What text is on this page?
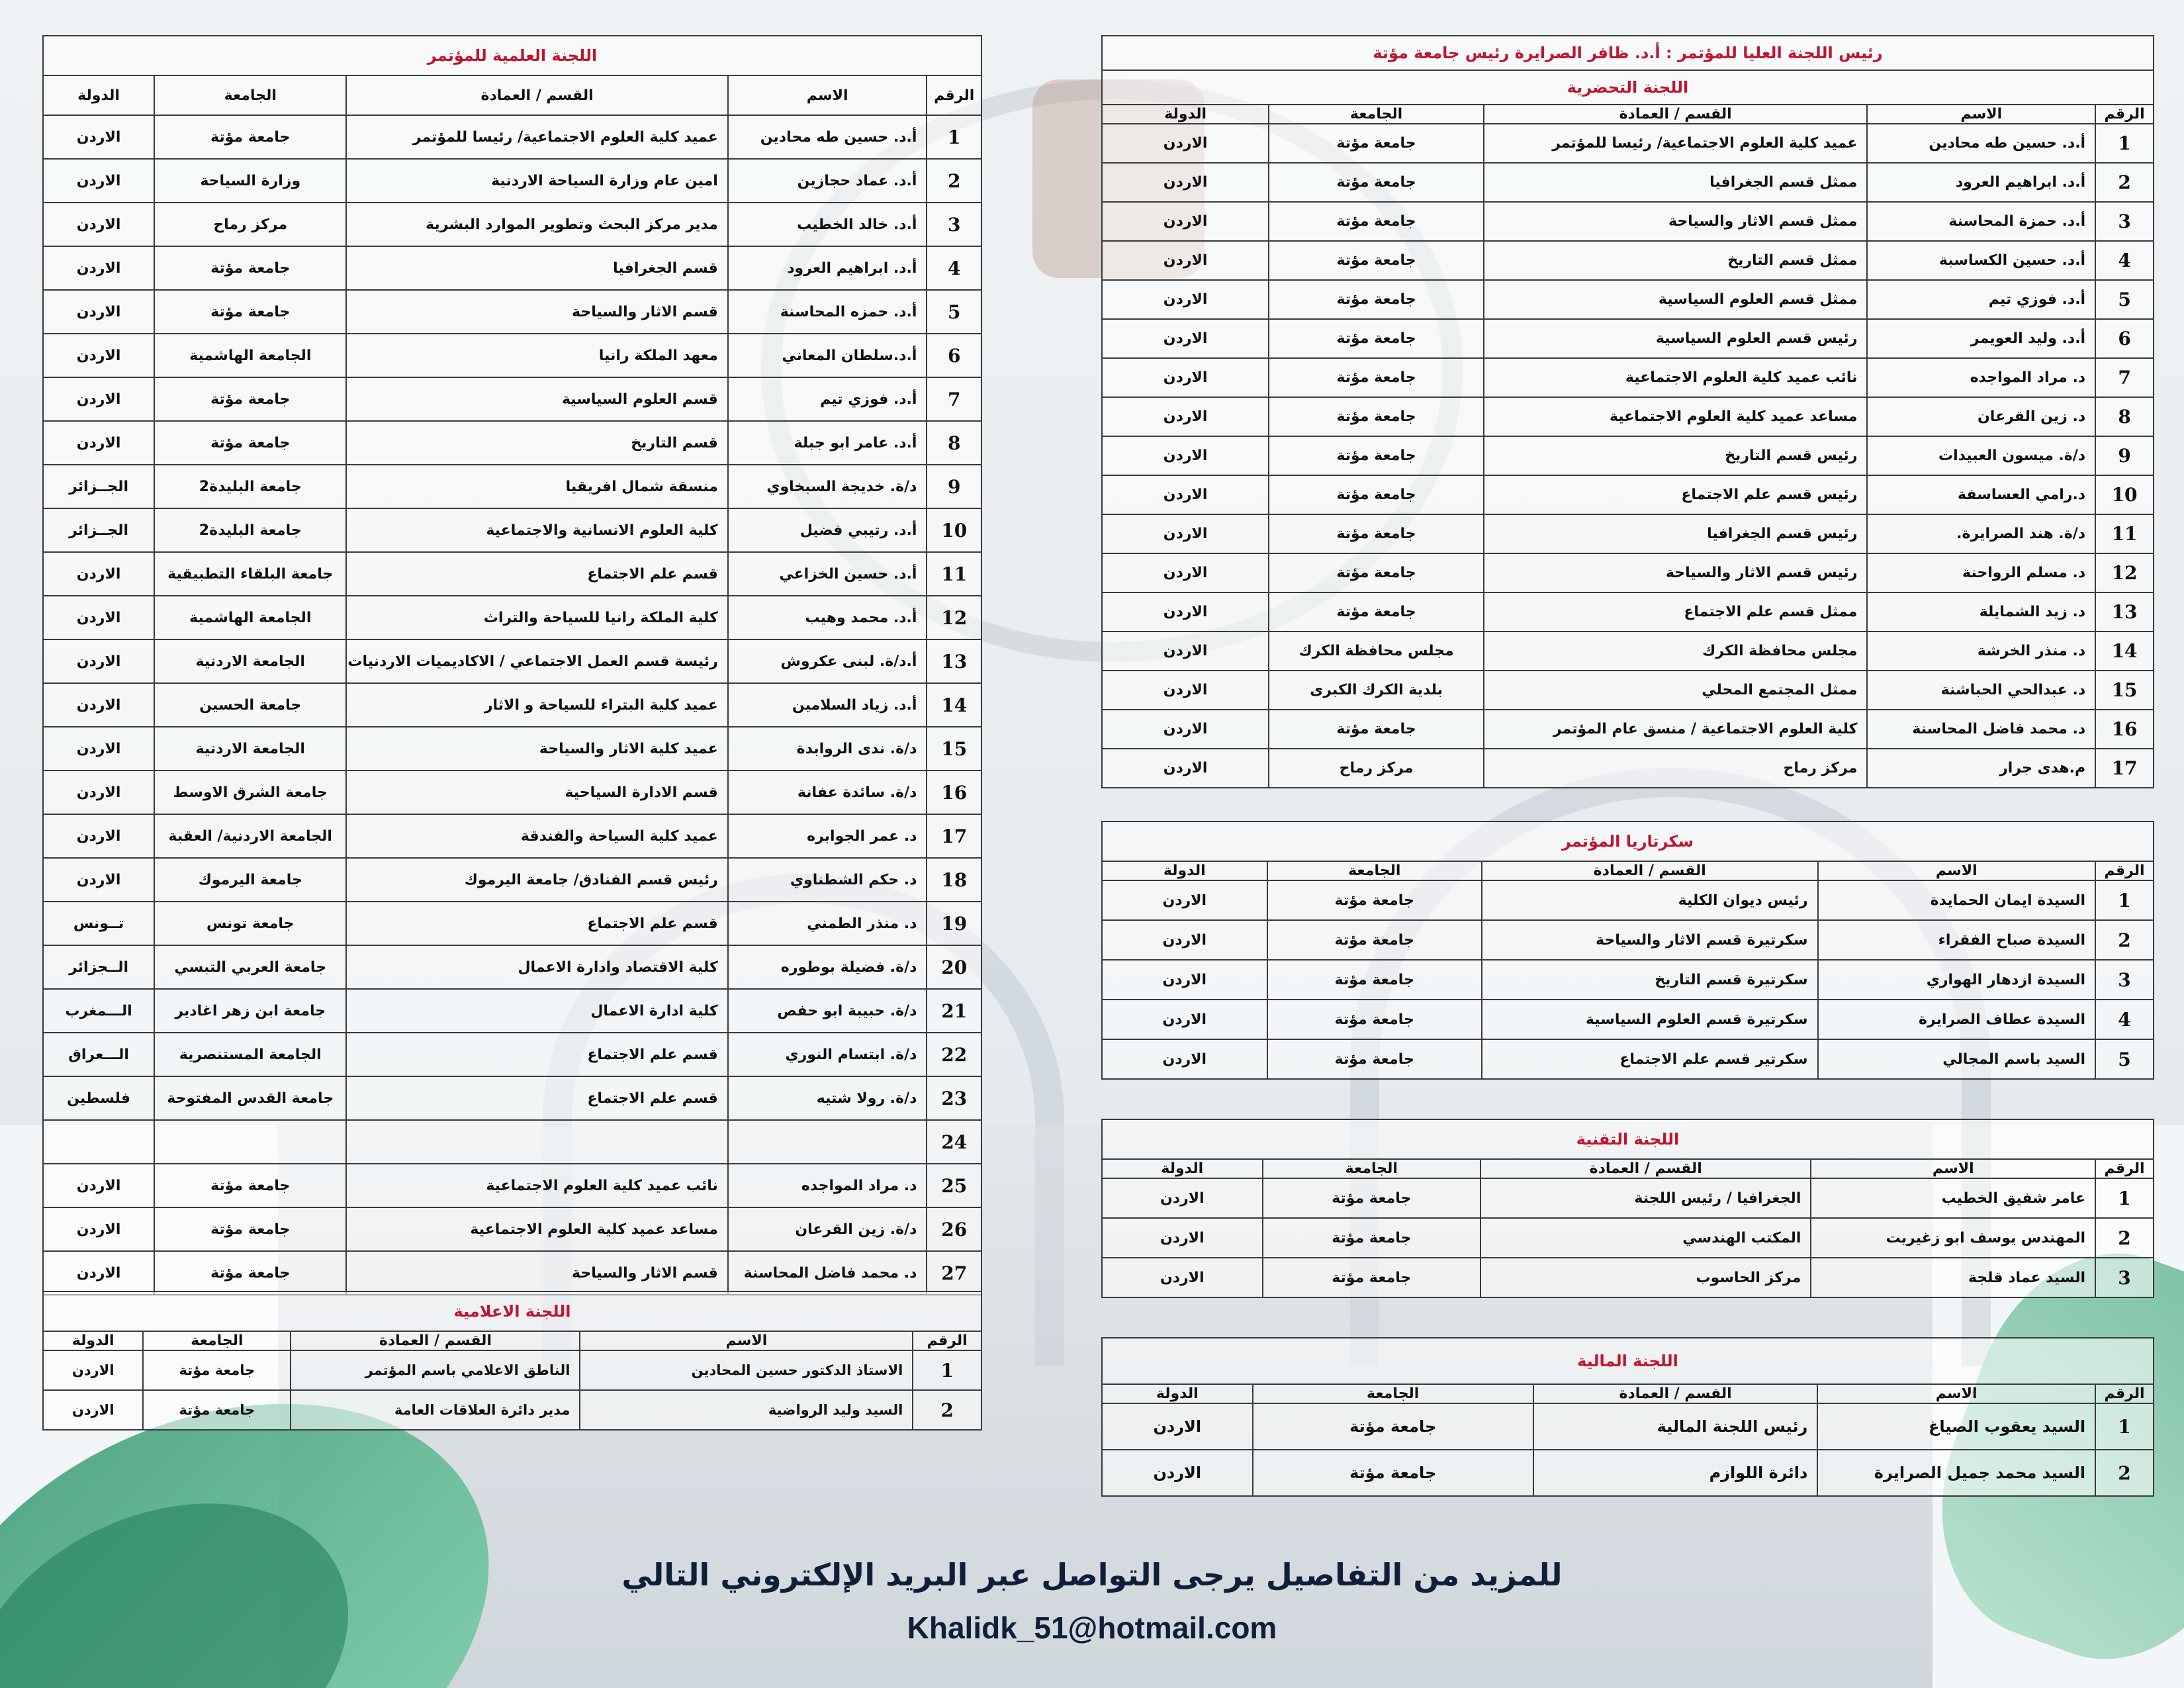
اللجنة العلمية للمؤتمر				
الرقم	الاسم	القسم / العمادة	الجامعة	الدولة
1	أ.د. حسين طه محادين	عميد كلية العلوم الاجتماعية/ رئيسا للمؤتمر	جامعة مؤتة	الاردن
2	أ.د. عماد حجازين	امين عام وزارة السياحة الاردنية	وزارة السياحة	الاردن
3	أ.د. خالد الخطيب	مدير مركز البحث وتطوير الموارد البشرية	مركز رماح	الاردن
4	أ.د. ابراهيم العرود	قسم الجغرافيا	جامعة مؤتة	الاردن
5	أ.د. حمزه المحاسنة	قسم الاثار والسياحة	جامعة مؤتة	الاردن
6	أ.د.سلطان المعاني	معهد الملكة رانيا	الجامعة الهاشمية	الاردن
7	أ.د. فوزي تيم	قسم العلوم السياسية	جامعة مؤتة	الاردن
8	أ.د. عامر ابو جبلة	قسم التاريخ	جامعة مؤتة	الاردن
9	د/ة. خديجة السبخاوي	منسقة شمال افريقيا	جامعة البليدة2	الجــزائر
10	أ.د. رتيبي فضيل	كلية العلوم الانسانية والاجتماعية	جامعة البليدة2	الجــزائر
11	أ.د. حسين الخزاعي	قسم علم الاجتماع	جامعة البلقاء التطبيقية	الاردن
12	أ.د. محمد وهيب	كلية الملكة رانيا للسياحة والتراث	الجامعة الهاشمية	الاردن
13	أ.د/ة. لبنى عكروش	رئيسة قسم العمل الاجتماعي / الاكاديميات الاردنيات	الجامعة الاردنية	الاردن
14	أ.د. زياد السلامين	عميد كلية البتراء للسياحة و الاثار	جامعة الحسين	الاردن
15	د/ة. ندى الروابدة	عميد كلية الاثار والسياحة	الجامعة الاردنية	الاردن
16	د/ة. سائدة عفانة	قسم الادارة السياحية	جامعة الشرق الاوسط	الاردن
17	د. عمر الجوابره	عميد كلية السياحة والفندقة	الجامعة الاردنية/ العقبة	الاردن
18	د. حكم الشطناوي	رئيس قسم الفنادق/ جامعة اليرموك	جامعة اليرموك	الاردن
19	د. منذر الطمني	قسم علم الاجتماع	جامعة تونس	تــونس
20	د/ة. فضيلة بوطوره	كلية الاقتصاد وادارة الاعمال	جامعة العربي التبسي	الــجزائر
21	د/ة. حبيبة ابو حفص	كلية ادارة الاعمال	جامعة ابن زهر اغادير	الـــمغرب
22	د/ة. ابتسام النوري	قسم علم الاجتماع	الجامعة المستنصرية	الـــعراق
23	د/ة. رولا شتيه	قسم علم الاجتماع	جامعة القدس المفتوحة	فلسطين
24				
25	د. مراد المواجده	نائب عميد كلية العلوم الاجتماعية	جامعة مؤتة	الاردن
26	د/ة. زين القرعان	مساعد عميد كلية العلوم الاجتماعية	جامعة مؤتة	الاردن
27	د. محمد فاضل المحاسنة	قسم الاثار والسياحة	جامعة مؤتة	الاردن
رئيس اللجنة العليا للمؤتمر : أ.د. ظافر الصرايرة رئيس جامعة مؤتة				
اللجنة التحضرية				
الرقم	الاسم	القسم / العمادة	الجامعة	الدولة
1	أ.د. حسين طه محادين	عميد كلية العلوم الاجتماعية/ رئيسا للمؤتمر	جامعة مؤتة	الاردن
2	أ.د. ابراهيم العرود	ممثل قسم الجغرافيا	جامعة مؤتة	الاردن
3	أ.د. حمزة المحاسنة	ممثل قسم الاثار والسياحة	جامعة مؤتة	الاردن
4	أ.د. حسين الكساسبة	ممثل قسم التاريخ	جامعة مؤتة	الاردن
5	أ.د. فوزي تيم	ممثل قسم العلوم السياسية	جامعة مؤتة	الاردن
6	أ.د. وليد العويمر	رئيس قسم العلوم السياسية	جامعة مؤتة	الاردن
7	د. مراد المواجده	نائب عميد كلية العلوم الاجتماعية	جامعة مؤتة	الاردن
8	د. زين القرعان	مساعد عميد كلية العلوم الاجتماعية	جامعة مؤتة	الاردن
9	د/ة. ميسون العبيدات	رئيس قسم التاريخ	جامعة مؤتة	الاردن
10	د.رامي العساسفة	رئيس قسم علم الاجتماع	جامعة مؤتة	الاردن
11	د/ة. هند الصرايرة.	رئيس قسم الجغرافيا	جامعة مؤتة	الاردن
12	د. مسلم الرواحنة	رئيس قسم الاثار والسياحة	جامعة مؤتة	الاردن
13	د. زيد الشمايلة	ممثل قسم علم الاجتماع	جامعة مؤتة	الاردن
14	د. منذر الخرشة	مجلس محافظة الكرك	مجلس محافظة الكرك	الاردن
15	د. عبدالحي الحباشنة	ممثل المجتمع المحلي	بلدية الكرك الكبرى	الاردن
16	د. محمد فاضل المحاسنة	كلية العلوم الاجتماعية / منسق عام المؤتمر	جامعة مؤتة	الاردن
17	م.هدى جرار	مركز رماح	مركز رماح	الاردن
سكرتاريا المؤتمر				
الرقم	الاسم	القسم / العمادة	الجامعة	الدولة
1	السيدة ايمان الحمايدة	رئيس ديوان الكلية	جامعة مؤتة	الاردن
2	السيدة صباح الفقراء	سكرتيرة قسم الاثار والسياحة	جامعة مؤتة	الاردن
3	السيدة ازدهار الهواري	سكرتيرة قسم التاريخ	جامعة مؤتة	الاردن
4	السيدة عطاف الصرايرة	سكرتيرة قسم العلوم السياسية	جامعة مؤتة	الاردن
5	السيد باسم المجالي	سكرتير قسم علم الاجتماع	جامعة مؤتة	الاردن
اللجنة التقنية				
الرقم	الاسم	القسم / العمادة	الجامعة	الدولة
1	عامر شفيق الخطيب	الجغرافيا / رئيس اللجنة	جامعة مؤتة	الاردن
2	المهندس يوسف ابو زغيريت	المكتب الهندسي	جامعة مؤتة	الاردن
3	السيد عماد قلجة	مركز الحاسوب	جامعة مؤتة	الاردن
اللجنة الاعلامية				
الرقم	الاسم	القسم / العمادة	الجامعة	الدولة
1	الاستاذ الدكتور حسين المحادين	الناطق الاعلامي باسم المؤتمر	جامعة مؤتة	الاردن
2	السيد وليد الرواضية	مدير دائرة العلاقات العامة	جامعة مؤتة	الاردن
اللجنة المالية				
الرقم	الاسم	القسم / العمادة	الجامعة	الدولة
1	السيد يعقوب الصياغ	رئيس اللجنة المالية	جامعة مؤتة	الاردن
2	السيد محمد جميل الصرايرة	دائرة اللوازم	جامعة مؤتة	الاردن
للمزيد من التفاصيل يرجى التواصل عبر البريد الإلكتروني التالي
Khalidk_51@hotmail.com
